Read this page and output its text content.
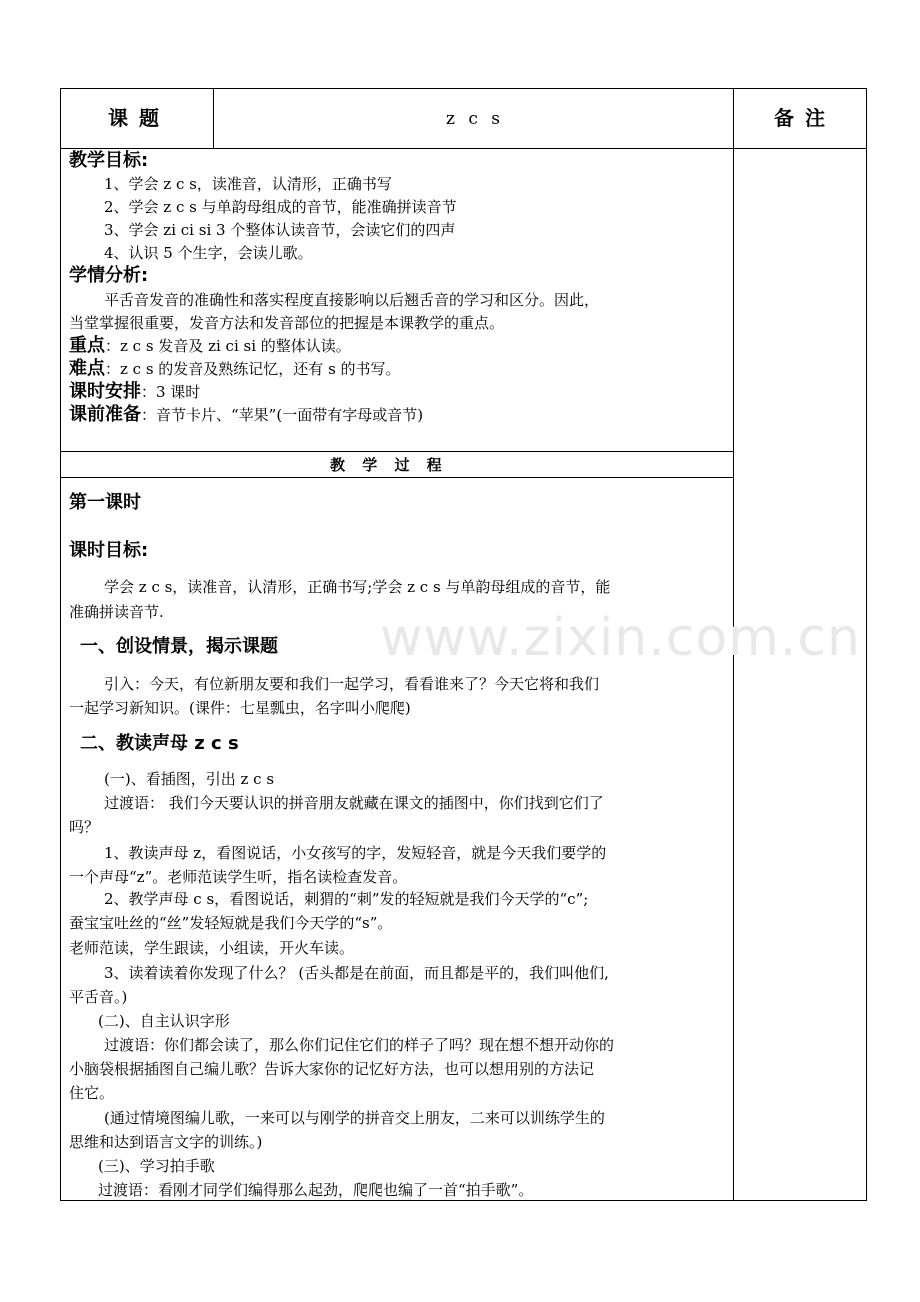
课 题	z c s	备 注
教学目标:
1、学会 z c s，读准音，认清形，正确书写
2、学会 z c s 与单韵母组成的音节，能准确拼读音节
3、学会 zi ci si 3 个整体认读音节，会读它们的四声
4、认识 5 个生字，会读儿歌。
学情分析:
平舌音发音的准确性和落实程度直接影响以后翘舌音的学习和区分。因此，
当堂掌握很重要，发音方法和发音部位的把握是本课教学的重点。
重点：z c s 发音及 zi ci si 的整体认读。
难点：z c s 的发音及熟练记忆，还有 s 的书写。
课时安排：3 课时
课前准备：音节卡片、“苹果”(一面带有字母或音节)
教 学 过 程
www.zixin.com.cn
第一课时
课时目标:
学会 z c s，读准音，认清形，正确书写;学会 z c s 与单韵母组成的音节，能
准确拼读音节.
一、创设情景，揭示课题
引入：今天，有位新朋友要和我们一起学习，看看谁来了？今天它将和我们
一起学习新知识。(课件：七星瓢虫，名字叫小爬爬)
二、教读声母 z c s
(一)、看插图，引出 z c s
过渡语： 我们今天要认识的拼音朋友就藏在课文的插图中，你们找到它们了
吗？
1、教读声母 z，看图说话，小女孩写的字，发短轻音，就是今天我们要学的
一个声母“z”。老师范读学生听，指名读检查发音。
2、教学声母 c s，看图说话，刺猬的“刺”发的轻短就是我们今天学的“c”;
蚕宝宝吐丝的“丝”发轻短就是我们今天学的“s”。
老师范读，学生跟读，小组读，开火车读。
3、读着读着你发现了什么？ (舌头都是在前面，而且都是平的，我们叫他们,
平舌音。)
(二)、自主认识字形
过渡语：你们都会读了，那么你们记住它们的样子了吗？现在想不想开动你的
小脑袋根据插图自己编儿歌？告诉大家你的记忆好方法，也可以想用别的方法记
住它。
(通过情境图编儿歌，一来可以与刚学的拼音交上朋友，二来可以训练学生的
思维和达到语言文字的训练。)
(三)、学习拍手歌
过渡语：看刚才同学们编得那么起劲，爬爬也编了一首“拍手歌”。
